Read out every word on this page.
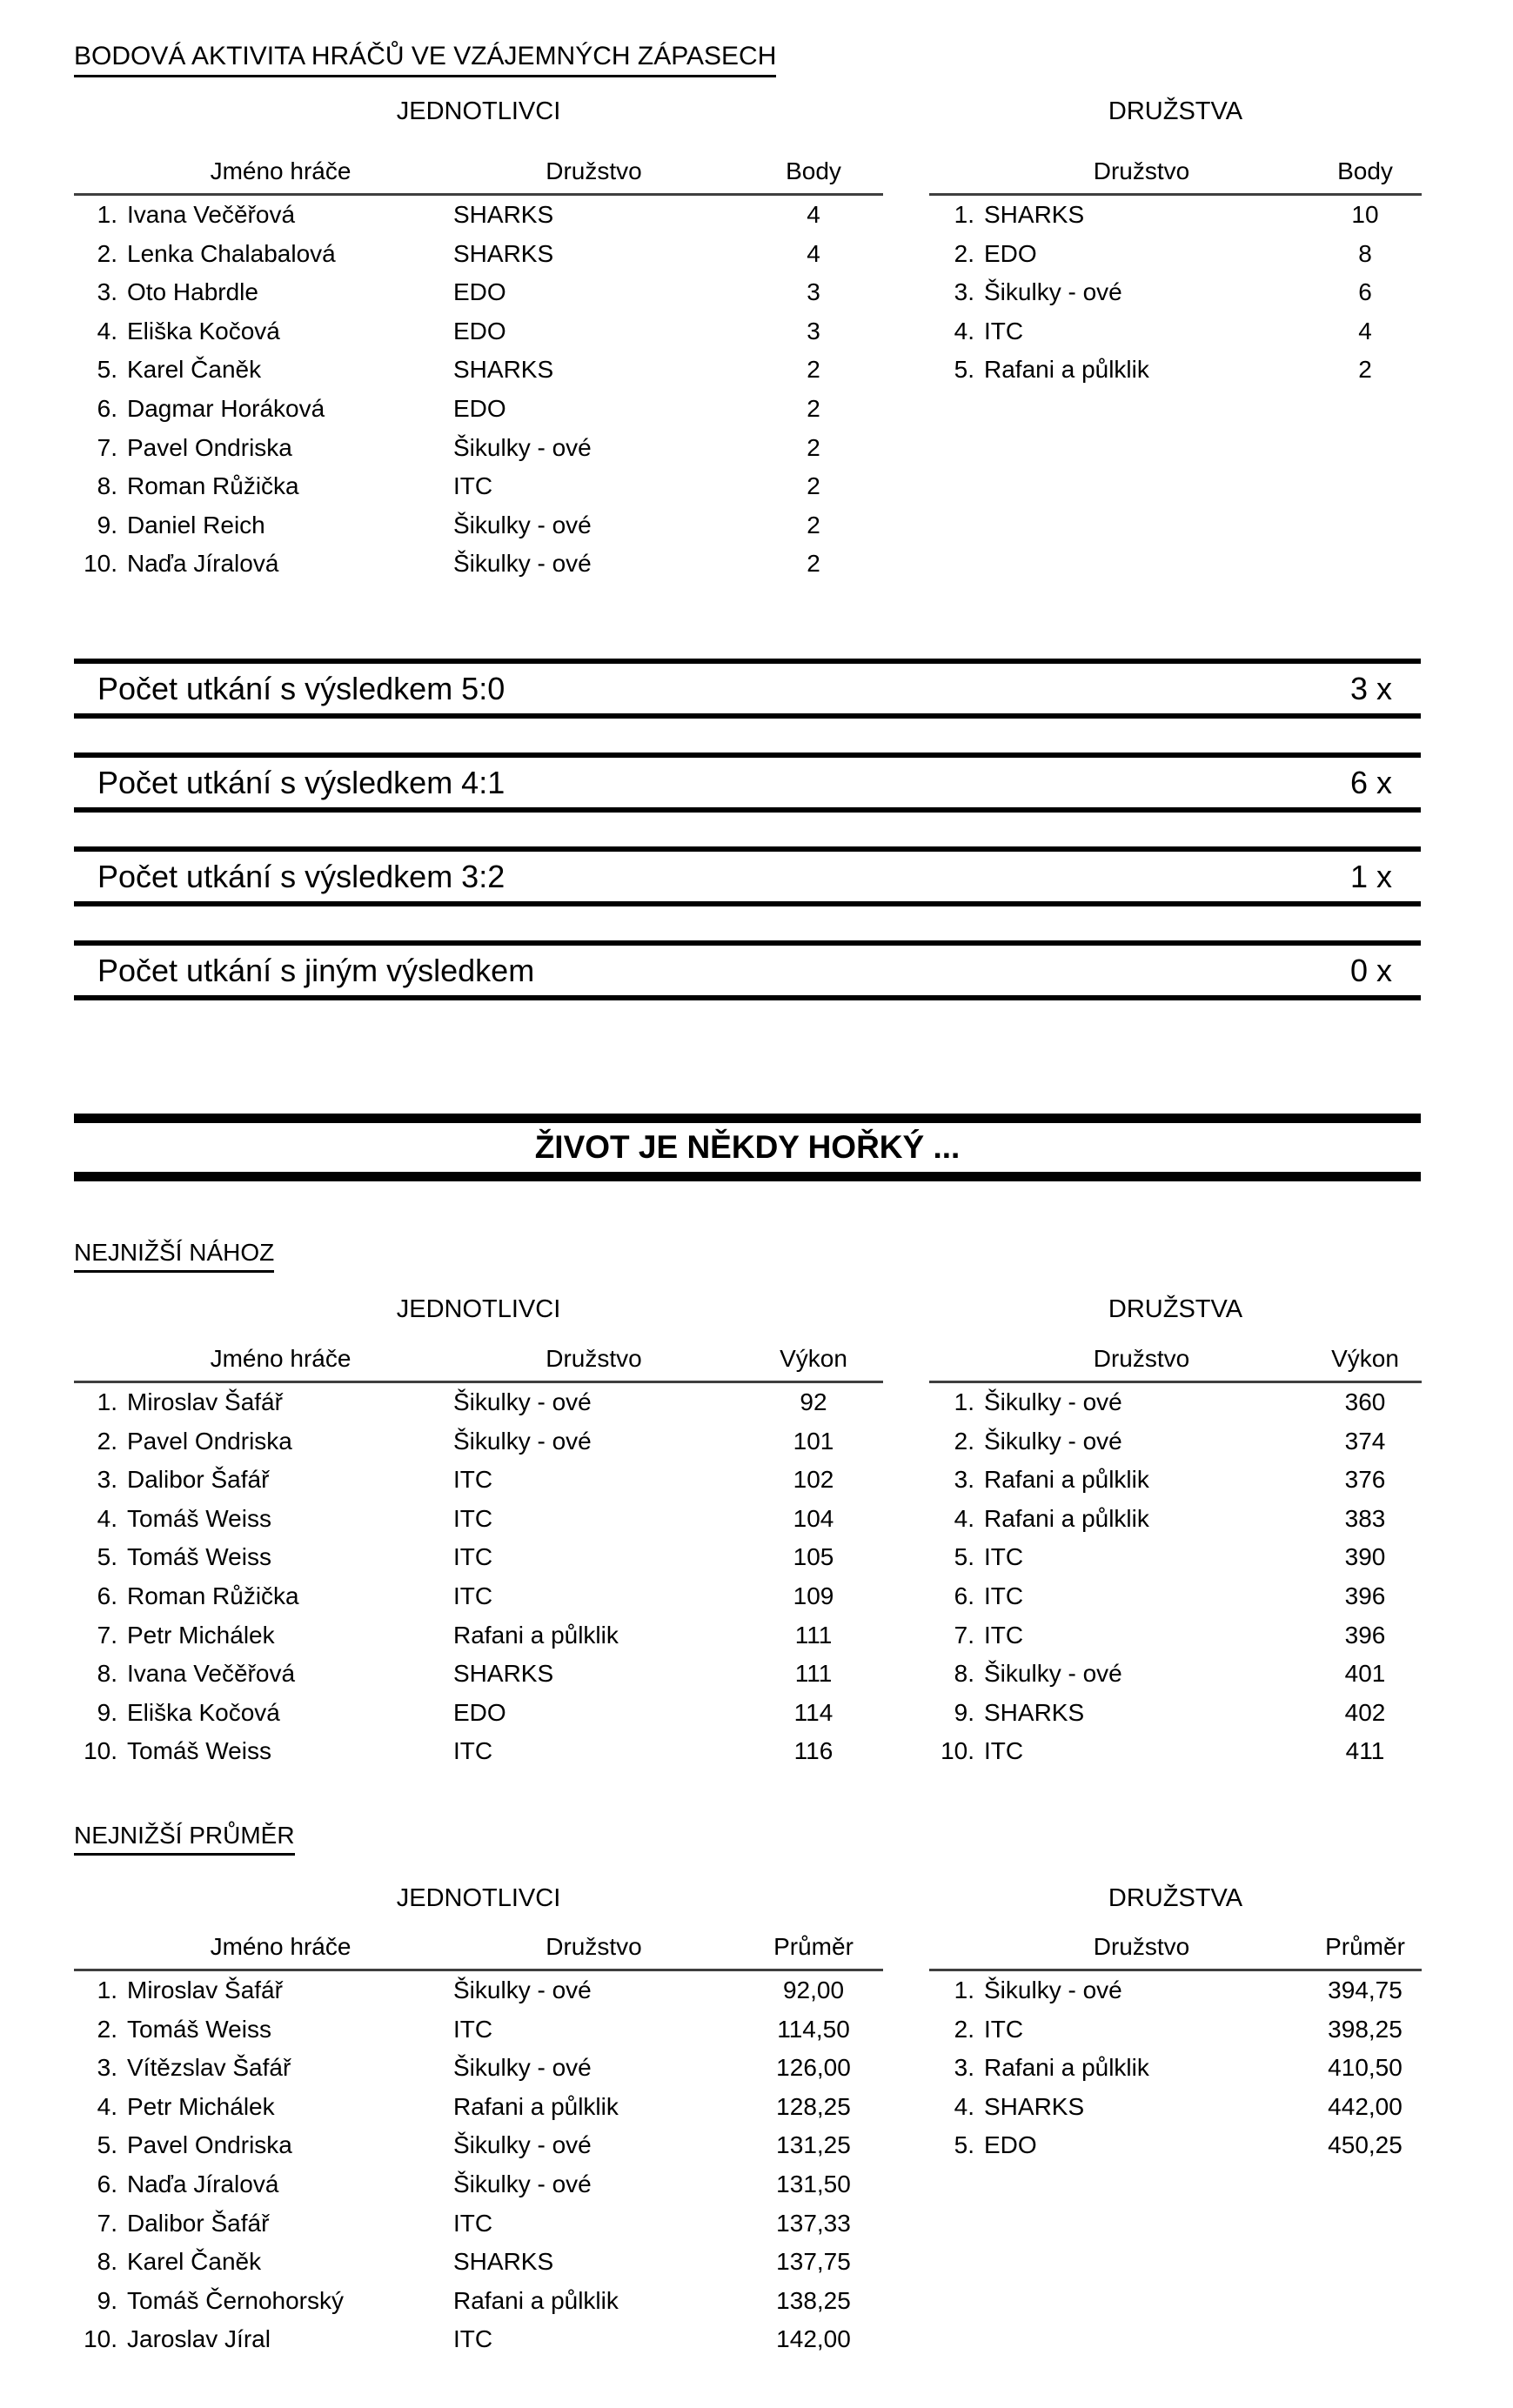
BODOVÁ AKTIVITA HRÁČŮ VE VZÁJEMNÝCH ZÁPASECH
JEDNOTLIVCI	DRUŽSTVA
Jméno hráče	Družstvo	Body
1. Ivana Večěřová	SHARKS	4
2. Lenka Chalabalová	SHARKS	4
3. Oto Habrdle	EDO	3
4. Eliška Kočová	EDO	3
5. Karel Čaněk	SHARKS	2
6. Dagmar Horáková	EDO	2
7. Pavel Ondriska	Šikulky - ové	2
8. Roman Růžička	ITC	2
9. Daniel Reich	Šikulky - ové	2
10. Naďa Jíralová	Šikulky - ové	2
Družstvo	Body
1. SHARKS	10
2. EDO	8
3. Šikulky - ové	6
4. ITC	4
5. Rafani a půlklik	2
Počet utkání s výsledkem 5:0	3 x
Počet utkání s výsledkem 4:1	6 x
Počet utkání s výsledkem 3:2	1 x
Počet utkání s jiným výsledkem	0 x
ŽIVOT JE NĚKDY HOŘKÝ ...
NEJNIŽŠÍ NÁHOZ
JEDNOTLIVCI	DRUŽSTVA
Jméno hráče	Družstvo	Výkon
1. Miroslav Šafář	Šikulky - ové	92
2. Pavel Ondriska	Šikulky - ové	101
3. Dalibor Šafář	ITC	102
4. Tomáš Weiss	ITC	104
5. Tomáš Weiss	ITC	105
6. Roman Růžička	ITC	109
7. Petr Michálek	Rafani a půlklik	111
8. Ivana Večěřová	SHARKS	111
9. Eliška Kočová	EDO	114
10. Tomáš Weiss	ITC	116
Družstvo	Výkon
1. Šikulky - ové	360
2. Šikulky - ové	374
3. Rafani a půlklik	376
4. Rafani a půlklik	383
5. ITC	390
6. ITC	396
7. ITC	396
8. Šikulky - ové	401
9. SHARKS	402
10. ITC	411
NEJNIŽŠÍ PRŮMĚR
JEDNOTLIVCI	DRUŽSTVA
Jméno hráče	Družstvo	Průměr
1. Miroslav Šafář	Šikulky - ové	92,00
2. Tomáš Weiss	ITC	114,50
3. Vítězslav Šafář	Šikulky - ové	126,00
4. Petr Michálek	Rafani a půlklik	128,25
5. Pavel Ondriska	Šikulky - ové	131,25
6. Naďa Jíralová	Šikulky - ové	131,50
7. Dalibor Šafář	ITC	137,33
8. Karel Čaněk	SHARKS	137,75
9. Tomáš Černohorský	Rafani a půlklik	138,25
10. Jaroslav Jíral	ITC	142,00
Družstvo	Průměr
1. Šikulky - ové	394,75
2. ITC	398,25
3. Rafani a půlklik	410,50
4. SHARKS	442,00
5. EDO	450,25
